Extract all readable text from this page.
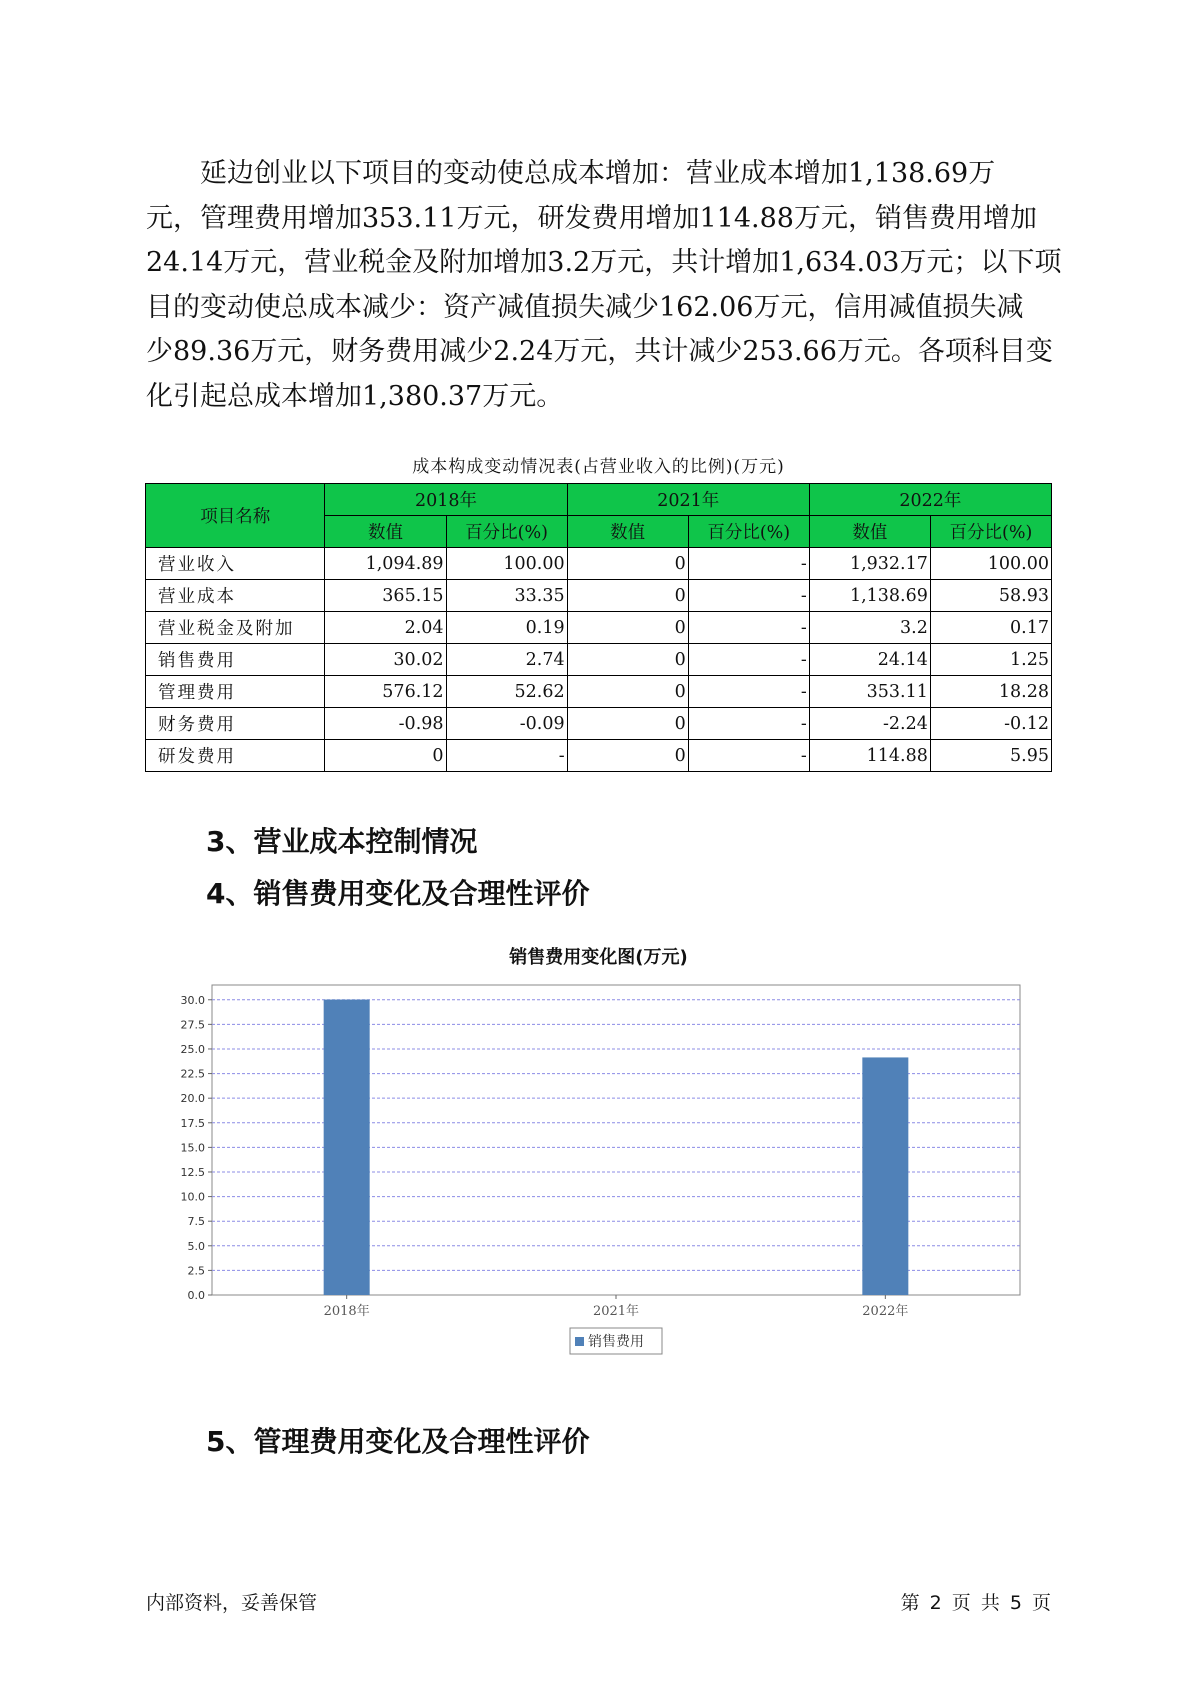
延边创业以下项目的变动使总成本增加：营业成本增加1,138.69万
元，管理费用增加353.11万元，研发费用增加114.88万元，销售费用增加
24.14万元，营业税金及附加增加3.2万元，共计增加1,634.03万元；以下项
目的变动使总成本减少：资产减值损失减少162.06万元，信用减值损失减
少89.36万元，财务费用减少2.24万元，共计减少253.66万元。各项科目变
化引起总成本增加1,380.37万元。
成本构成变动情况表(占营业收入的比例)(万元)
项目名称	2018年		2021年		2022年	
	数值	百分比(%)	数值	百分比(%)	数值	百分比(%)
营业收入	1,094.89	100.00	0	-	1,932.17	100.00
营业成本	365.15	33.35	0	-	1,138.69	58.93
营业税金及附加	2.04	0.19	0	-	3.2	0.17
销售费用	30.02	2.74	0	-	24.14	1.25
管理费用	576.12	52.62	0	-	353.11	18.28
财务费用	-0.98	-0.09	0	-	-2.24	-0.12
研发费用	0	-	0	-	114.88	5.95
3、营业成本控制情况
4、销售费用变化及合理性评价
销售费用变化图(万元)
0.0
2.5
5.0
7.5
10.0
12.5
15.0
17.5
20.0
22.5
25.0
27.5
30.0
2018年	2021年	2022年
销售费用
5、管理费用变化及合理性评价
内部资料，妥善保管	第 2 页 共 5 页
